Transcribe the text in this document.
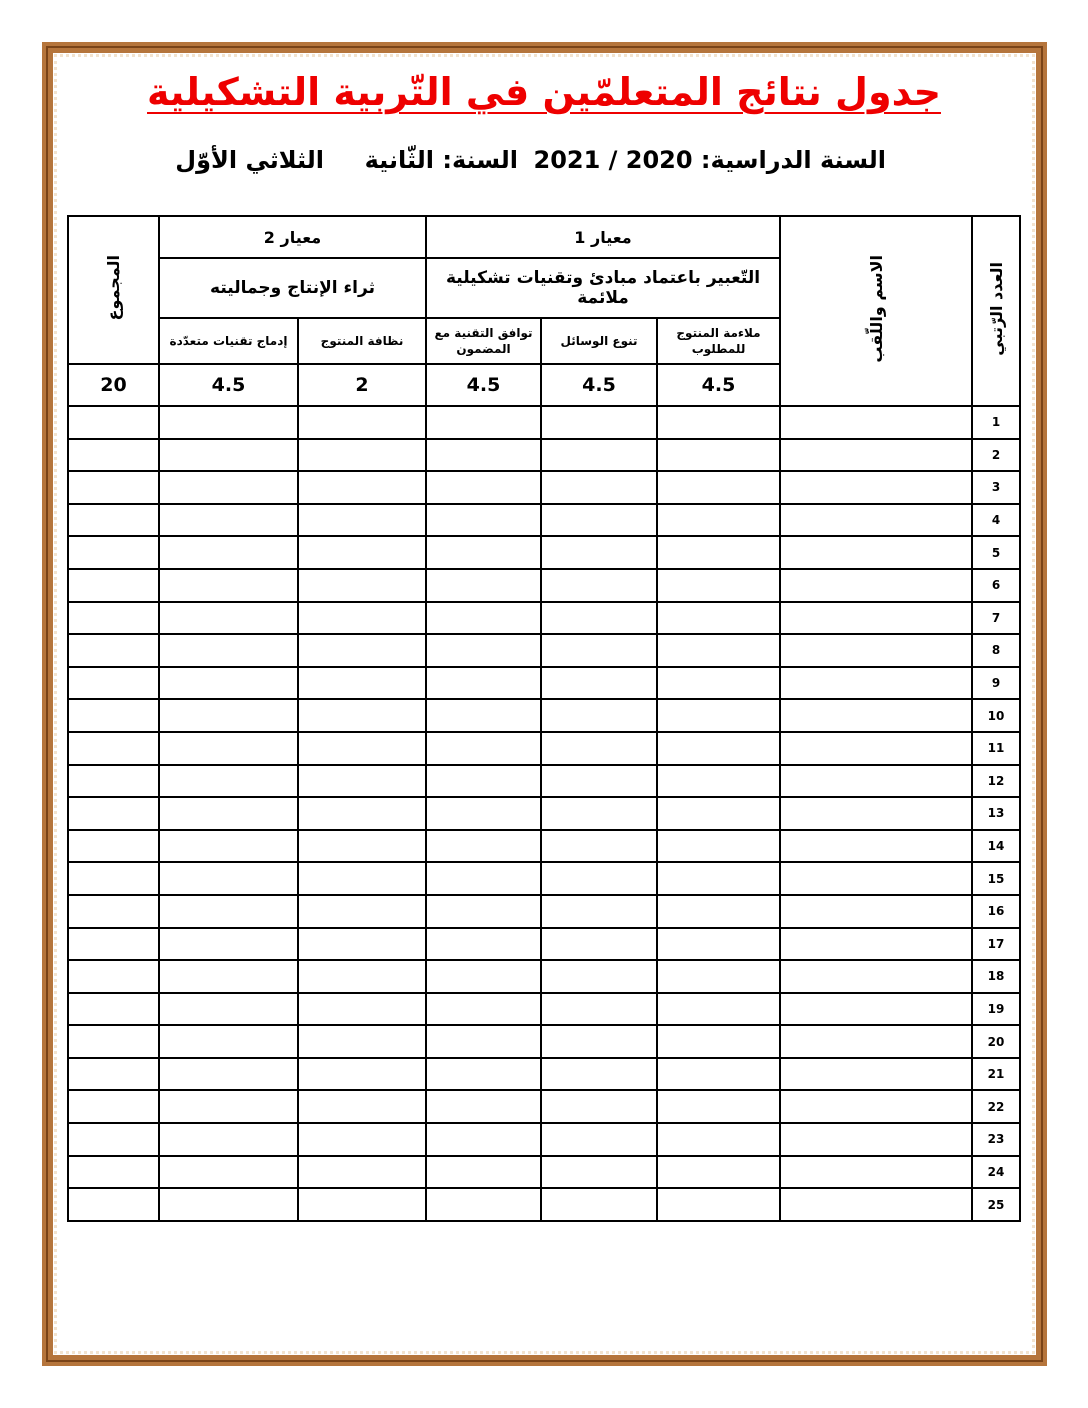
جدول نتائج المتعلمّين في التّربية التشكيلية
السنة الدراسية: 2020 / 2021
السنة: الثّانية
الثلاثي الأوّل
العدد الرّتبي	الاسم واللّقب	معيار 1			معيار 2		المجموع
		التّعبير باعتماد مبادئ وتقنيات تشكيلية ملائمة			ثراء الإنتاج وجماليته		
		ملاءمة المنتوج للمطلوب	تنوع الوسائل	توافق التقنية مع المضمون	نظافة المنتوج	إدماج تقنيات متعدّدة	
		4.5	4.5	4.5	2	4.5	20
1							
2							
3							
4							
5							
6							
7							
8							
9							
10							
11							
12							
13							
14							
15							
16							
17							
18							
19							
20							
21							
22							
23							
24							
25							
